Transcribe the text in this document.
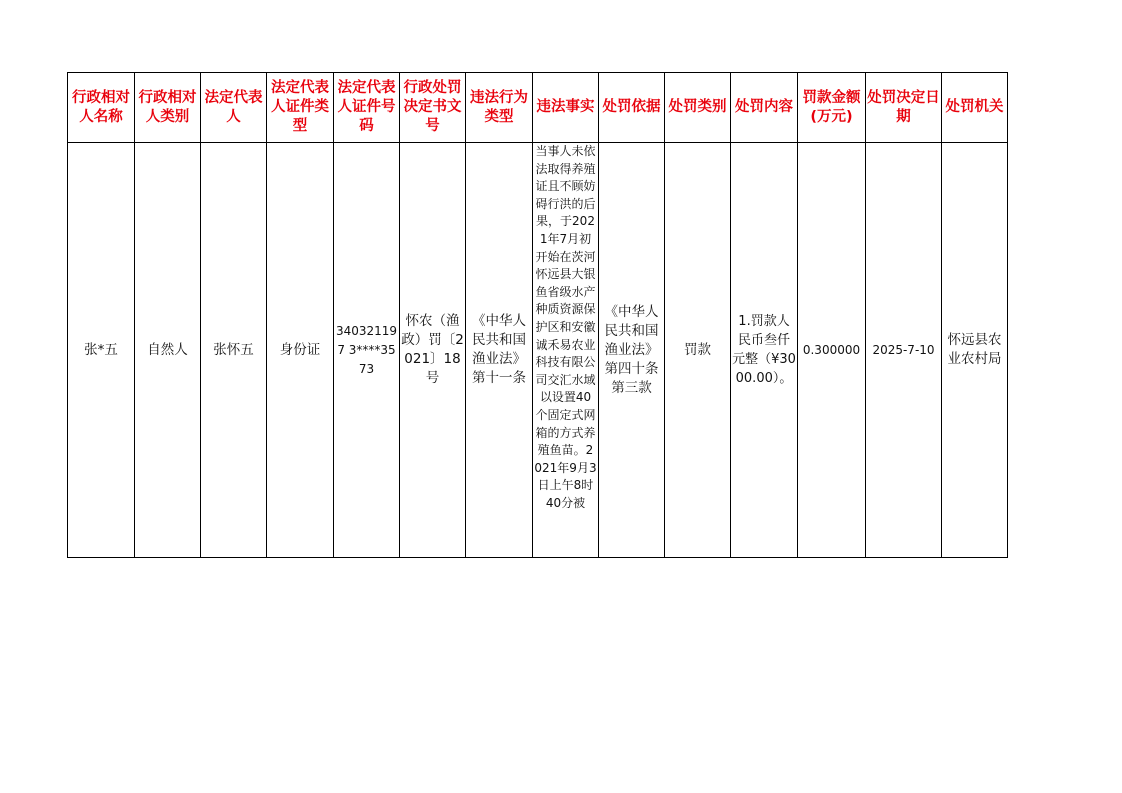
行政相对人名称	行政相对人类别	法定代表人	法定代表人证件类型	法定代表人证件号码	行政处罚决定书文号	违法行为类型	违法事实	处罚依据	处罚类别	处罚内容	罚款金额(万元)	处罚决定日期	处罚机关
张*五	自然人	张怀五	身份证	340321197 3****3573	怀农（渔政）罚〔2021〕18号	《中华人民共和国渔业法》第十一条	当事人未依法取得养殖证且不顾妨碍行洪的后果，于2021年7月初开始在茨河怀远县大银鱼省级水产种质资源保护区和安徽诚禾易农业科技有限公司交汇水域以设置40个固定式网箱的方式养殖鱼苗。2021年9月3日上午8时40分被	《中华人民共和国渔业法》第四十条第三款	罚款	1.罚款人民币叁仟元整（¥3000.00）。	0.300000	2025-7-10	怀远县农业农村局
